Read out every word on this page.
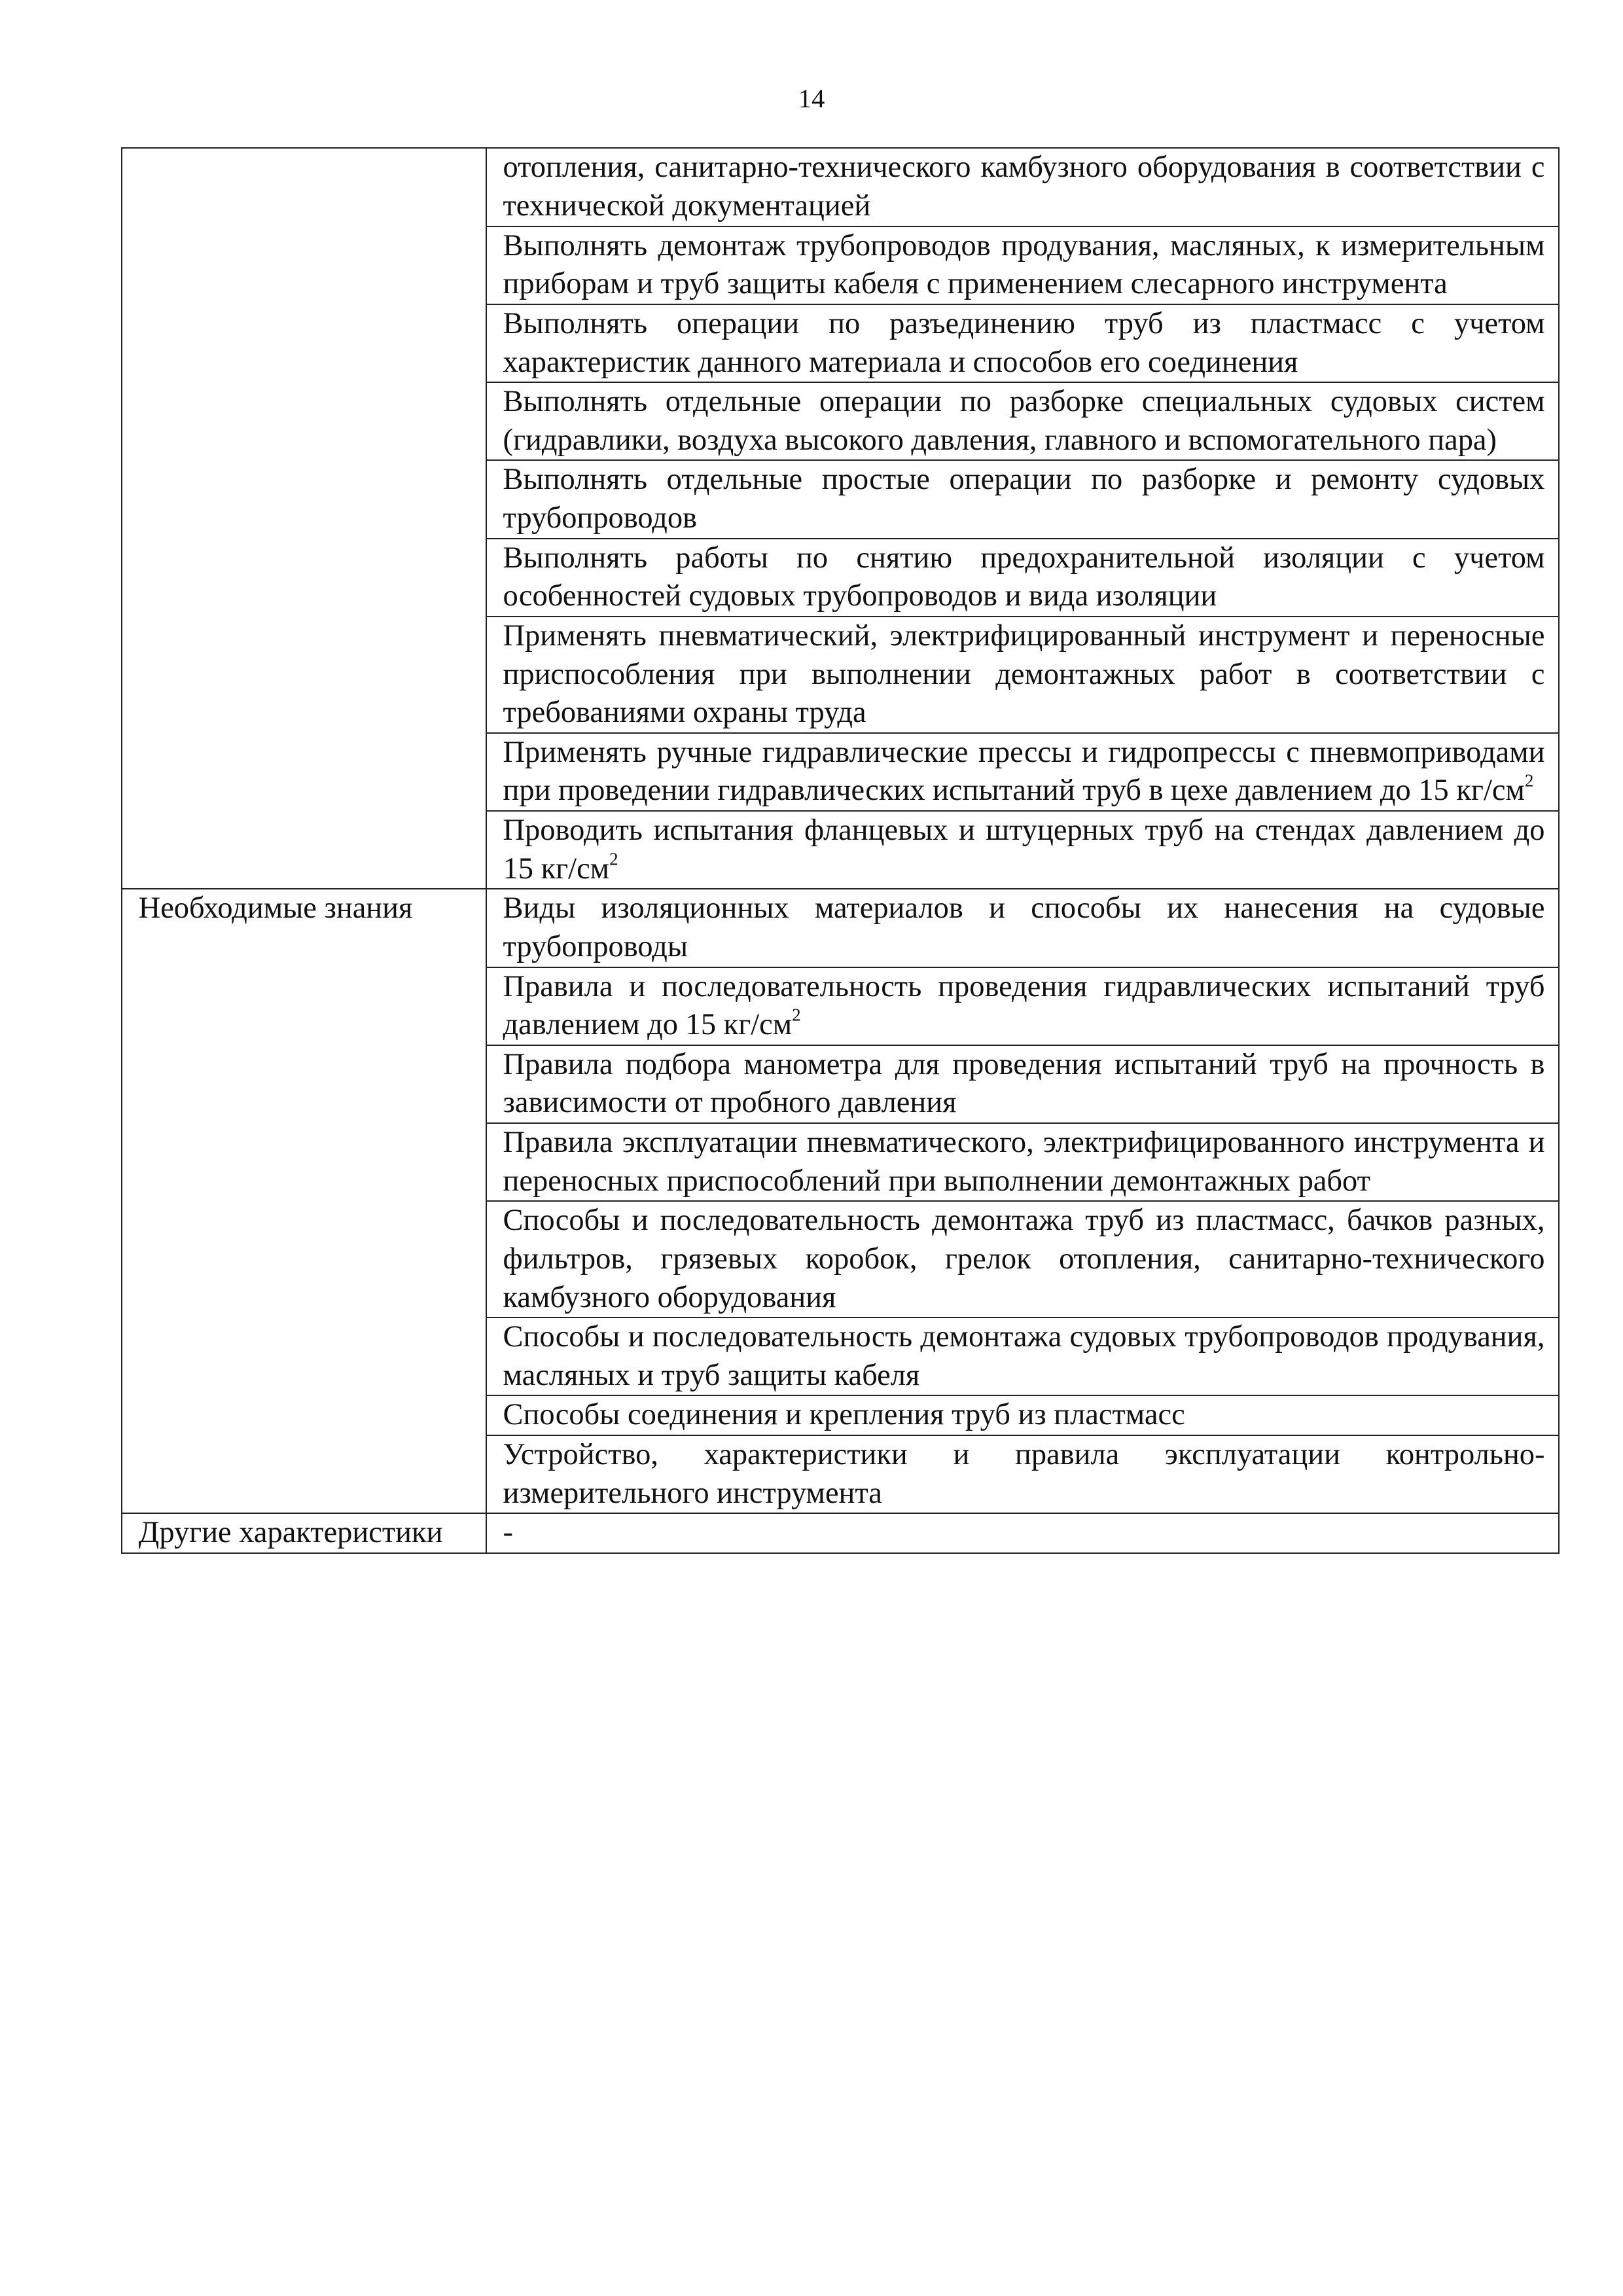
14
	отопления, санитарно-технического камбузного оборудования в соответствии с технической документацией
	Выполнять демонтаж трубопроводов продувания, масляных, к измерительным приборам и труб защиты кабеля с применением слесарного инструмента
	Выполнять операции по разъединению труб из пластмасс с учетом характеристик данного материала и способов его соединения
	Выполнять отдельные операции по разборке специальных судовых систем (гидравлики, воздуха высокого давления, главного и вспомогательного пара)
	Выполнять отдельные простые операции по разборке и ремонту судовых трубопроводов
	Выполнять работы по снятию предохранительной изоляции с учетом особенностей судовых трубопроводов и вида изоляции
	Применять пневматический, электрифицированный инструмент и переносные приспособления при выполнении демонтажных работ в соответствии с требованиями охраны труда
	Применять ручные гидравлические прессы и гидропрессы с пневмоприводами при проведении гидравлических испытаний труб в цехе давлением до 15 $кг/см^2$
	Проводить испытания фланцевых и штуцерных труб на стендах давлением до 15 $кг/см^2$
Необходимые знания	Виды изоляционных материалов и способы их нанесения на судовые трубопроводы
	Правила и последовательность проведения гидравлических испытаний труб давлением до 15 $кг/см^2$
	Правила подбора манометра для проведения испытаний труб на прочность в зависимости от пробного давления
	Правила эксплуатации пневматического, электрифицированного инструмента и переносных приспособлений при выполнении демонтажных работ
	Способы и последовательность демонтажа труб из пластмасс, бачков разных, фильтров, грязевых коробок, грелок отопления, санитарно-технического камбузного оборудования
	Способы и последовательность демонтажа судовых трубопроводов продувания, масляных и труб защиты кабеля
	Способы соединения и крепления труб из пластмасс
	Устройство, характеристики и правила эксплуатации контрольно-измерительного инструмента
Другие характеристики	-
